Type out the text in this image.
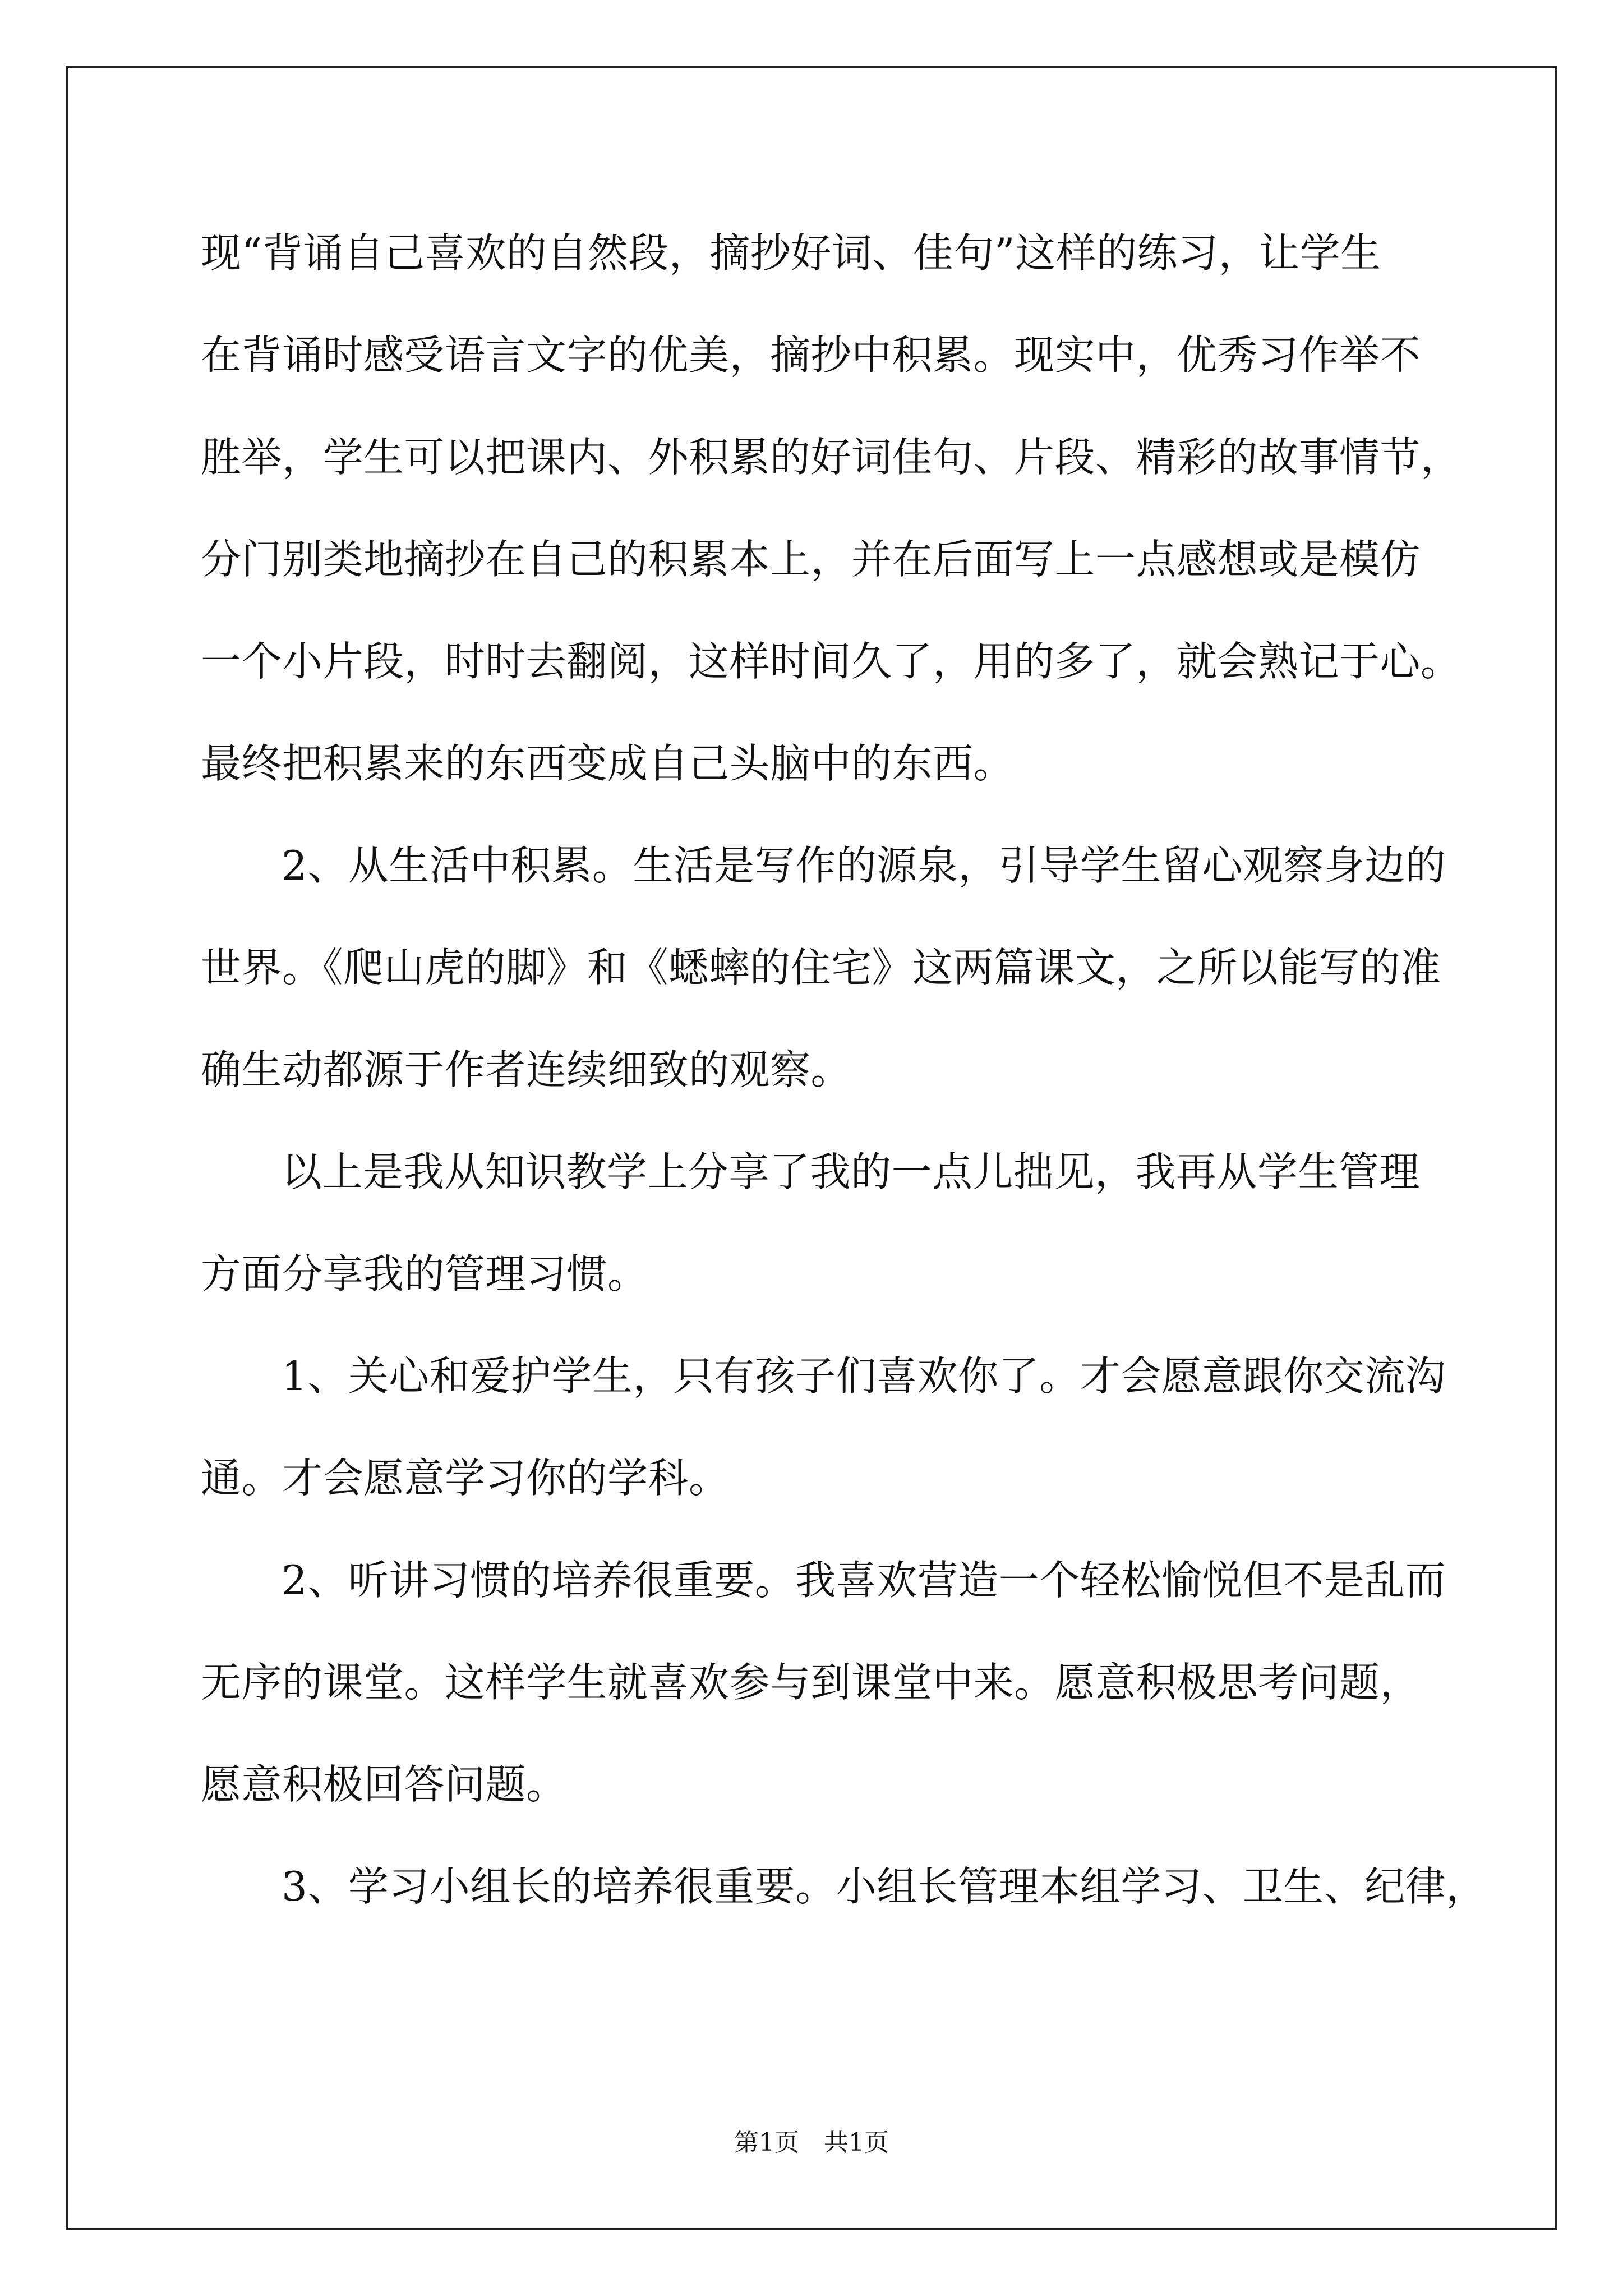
现“背诵自己喜欢的自然段，摘抄好词、佳句”这样的练习，让学生
在背诵时感受语言文字的优美，摘抄中积累。现实中，优秀习作举不
胜举，学生可以把课内、外积累的好词佳句、片段、精彩的故事情节，
分门别类地摘抄在自己的积累本上，并在后面写上一点感想或是模仿
一个小片段，时时去翻阅，这样时间久了，用的多了，就会熟记于心。
最终把积累来的东西变成自己头脑中的东西。
2、从生活中积累。生活是写作的源泉，引导学生留心观察身边的
世界。《爬山虎的脚》和《蟋蟀的住宅》这两篇课文，之所以能写的准
确生动都源于作者连续细致的观察。
以上是我从知识教学上分享了我的一点儿拙见，我再从学生管理
方面分享我的管理习惯。
1、关心和爱护学生，只有孩子们喜欢你了。才会愿意跟你交流沟
通。才会愿意学习你的学科。
2、听讲习惯的培养很重要。我喜欢营造一个轻松愉悦但不是乱而
无序的课堂。这样学生就喜欢参与到课堂中来。愿意积极思考问题，
愿意积极回答问题。
3、学习小组长的培养很重要。小组长管理本组学习、卫生、纪律，
第1页 共1页
